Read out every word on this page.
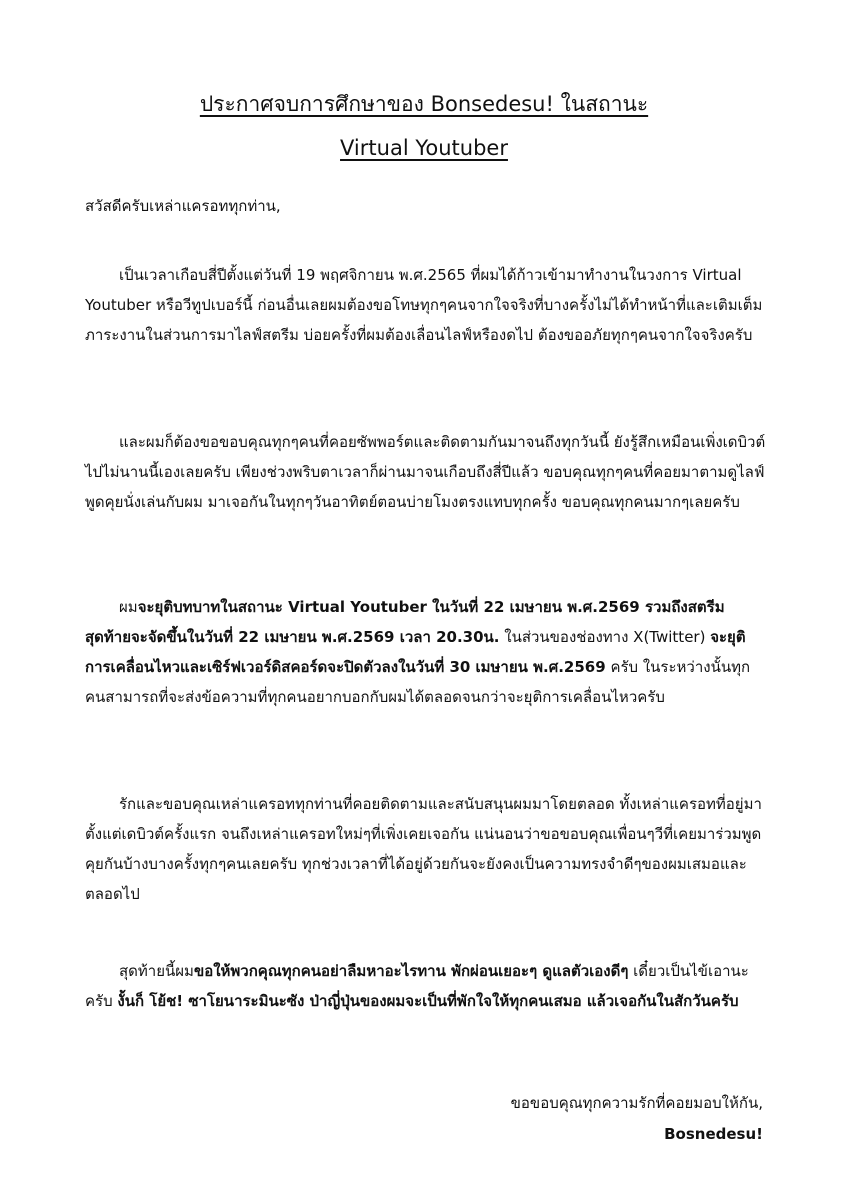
ประกาศจบการศึกษาของ Bonsedesu! ในสถานะ
Virtual Youtuber
สวัสดีครับเหล่าแครอททุกท่าน,

เป็นเวลาเกือบสี่ปีตั้งแต่วันที่ 19 พฤศจิกายน พ.ศ.2565 ที่ผมได้ก้าวเข้ามาทำงานในวงการ Virtual Youtuber หรือวีทูปเบอร์นี้ ก่อนอื่นเลยผมต้องขอโทษทุกๆคนจากใจจริงที่บางครั้งไม่ได้ทำหน้าที่และเติมเต็มภาระงานในส่วนการมาไลฟ์สตรีม บ่อยครั้งที่ผมต้องเลื่อนไลฟ์หรืองดไป ต้องขออภัยทุกๆคนจากใจจริงครับ

และผมก็ต้องขอขอบคุณทุกๆคนที่คอยซัพพอร์ตและติดตามกันมาจนถึงทุกวันนี้ ยังรู้สึกเหมือนเพิ่งเดบิวต์ไปไม่นานนี้เองเลยครับ เพียงช่วงพริบตาเวลาก็ผ่านมาจนเกือบถึงสี่ปีแล้ว ขอบคุณทุกๆคนที่คอยมาตามดูไลฟ์ พูดคุยนั่งเล่นกับผม มาเจอกันในทุกๆวันอาทิตย์ตอนบ่ายโมงตรงแทบทุกครั้ง ขอบคุณทุกคนมากๆเลยครับ

ผมจะยุติบทบาทในสถานะ Virtual Youtuber ในวันที่ 22 เมษายน พ.ศ.2569 รวมถึงสตรีมสุดท้ายจะจัดขึ้นในวันที่ 22 เมษายน พ.ศ.2569 เวลา 20.30น. ในส่วนของช่องทาง X(Twitter) จะยุติการเคลื่อนไหวและเซิร์ฟเวอร์ดิสคอร์ดจะปิดตัวลงในวันที่ 30 เมษายน พ.ศ.2569 ครับ ในระหว่างนั้นทุกคนสามารถที่จะส่งข้อความที่ทุกคนอยากบอกกับผมได้ตลอดจนกว่าจะยุติการเคลื่อนไหวครับ

รักและขอบคุณเหล่าแครอททุกท่านที่คอยติดตามและสนับสนุนผมมาโดยตลอด ทั้งเหล่าแครอทที่อยู่มาตั้งแต่เดบิวต์ครั้งแรก จนถึงเหล่าแครอทใหม่ๆที่เพิ่งเคยเจอกัน แน่นอนว่าขอขอบคุณเพื่อนๆวีที่เคยมาร่วมพูดคุยกันบ้างบางครั้งทุกๆคนเลยครับ ทุกช่วงเวลาที่ได้อยู่ด้วยกันจะยังคงเป็นความทรงจำดีๆของผมเสมอและตลอดไป

สุดท้ายนี้ผมขอให้พวกคุณทุกคนอย่าลืมหาอะไรทาน พักผ่อนเยอะๆ ดูแลตัวเองดีๆ เดี๋ยวเป็นไข้เอานะครับ งั้นก็ โย้ช! ซาโยนาระมินะซัง ป่าญี่ปุ่นของผมจะเป็นที่พักใจให้ทุกคนเสมอ แล้วเจอกันในสักวันครับ

ขอขอบคุณทุกความรักที่คอยมอบให้กัน,
Bosnedesu!
